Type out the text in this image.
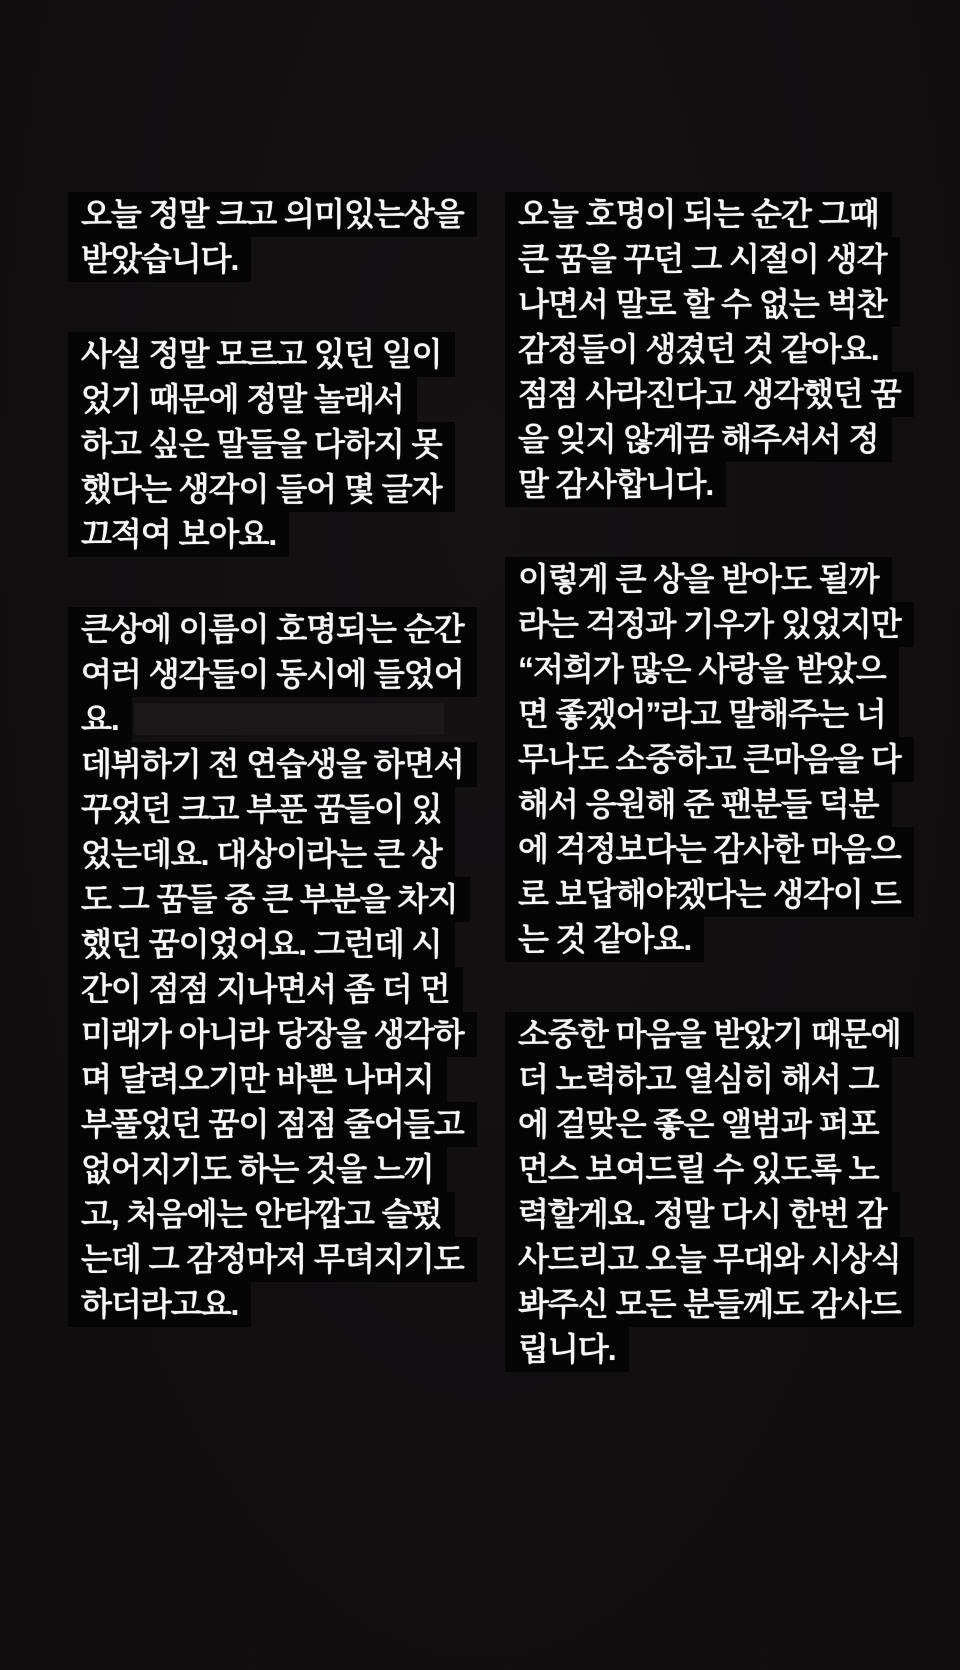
오늘 정말 크고 의미있는상을
받았습니다.
사실 정말 모르고 있던 일이
었기 때문에 정말 놀래서
하고 싶은 말들을 다하지 못
했다는 생각이 들어 몇 글자
끄적여 보아요.
큰상에 이름이 호명되는 순간
여러 생각들이 동시에 들었어
요.
데뷔하기 전 연습생을 하면서
꾸었던 크고 부푼 꿈들이 있
었는데요. 대상이라는 큰 상
도 그 꿈들 중 큰 부분을 차지
했던 꿈이었어요. 그런데 시
간이 점점 지나면서 좀 더 먼
미래가 아니라 당장을 생각하
며 달려오기만 바쁜 나머지
부풀었던 꿈이 점점 줄어들고
없어지기도 하는 것을 느끼
고, 처음에는 안타깝고 슬펐
는데 그 감정마저 무뎌지기도
하더라고요.
오늘 호명이 되는 순간 그때
큰 꿈을 꾸던 그 시절이 생각
나면서 말로 할 수 없는 벅찬
감정들이 생겼던 것 같아요.
점점 사라진다고 생각했던 꿈
을 잊지 않게끔 해주셔서 정
말 감사합니다.
이렇게 큰 상을 받아도 될까
라는 걱정과 기우가 있었지만
“저희가 많은 사랑을 받았으
면 좋겠어”라고 말해주는 너
무나도 소중하고 큰마음을 다
해서 응원해 준 팬분들 덕분
에 걱정보다는 감사한 마음으
로 보답해야겠다는 생각이 드
는 것 같아요.
소중한 마음을 받았기 때문에
더 노력하고 열심히 해서 그
에 걸맞은 좋은 앨범과 퍼포
먼스 보여드릴 수 있도록 노
력할게요. 정말 다시 한번 감
사드리고 오늘 무대와 시상식
봐주신 모든 분들께도 감사드
립니다.
